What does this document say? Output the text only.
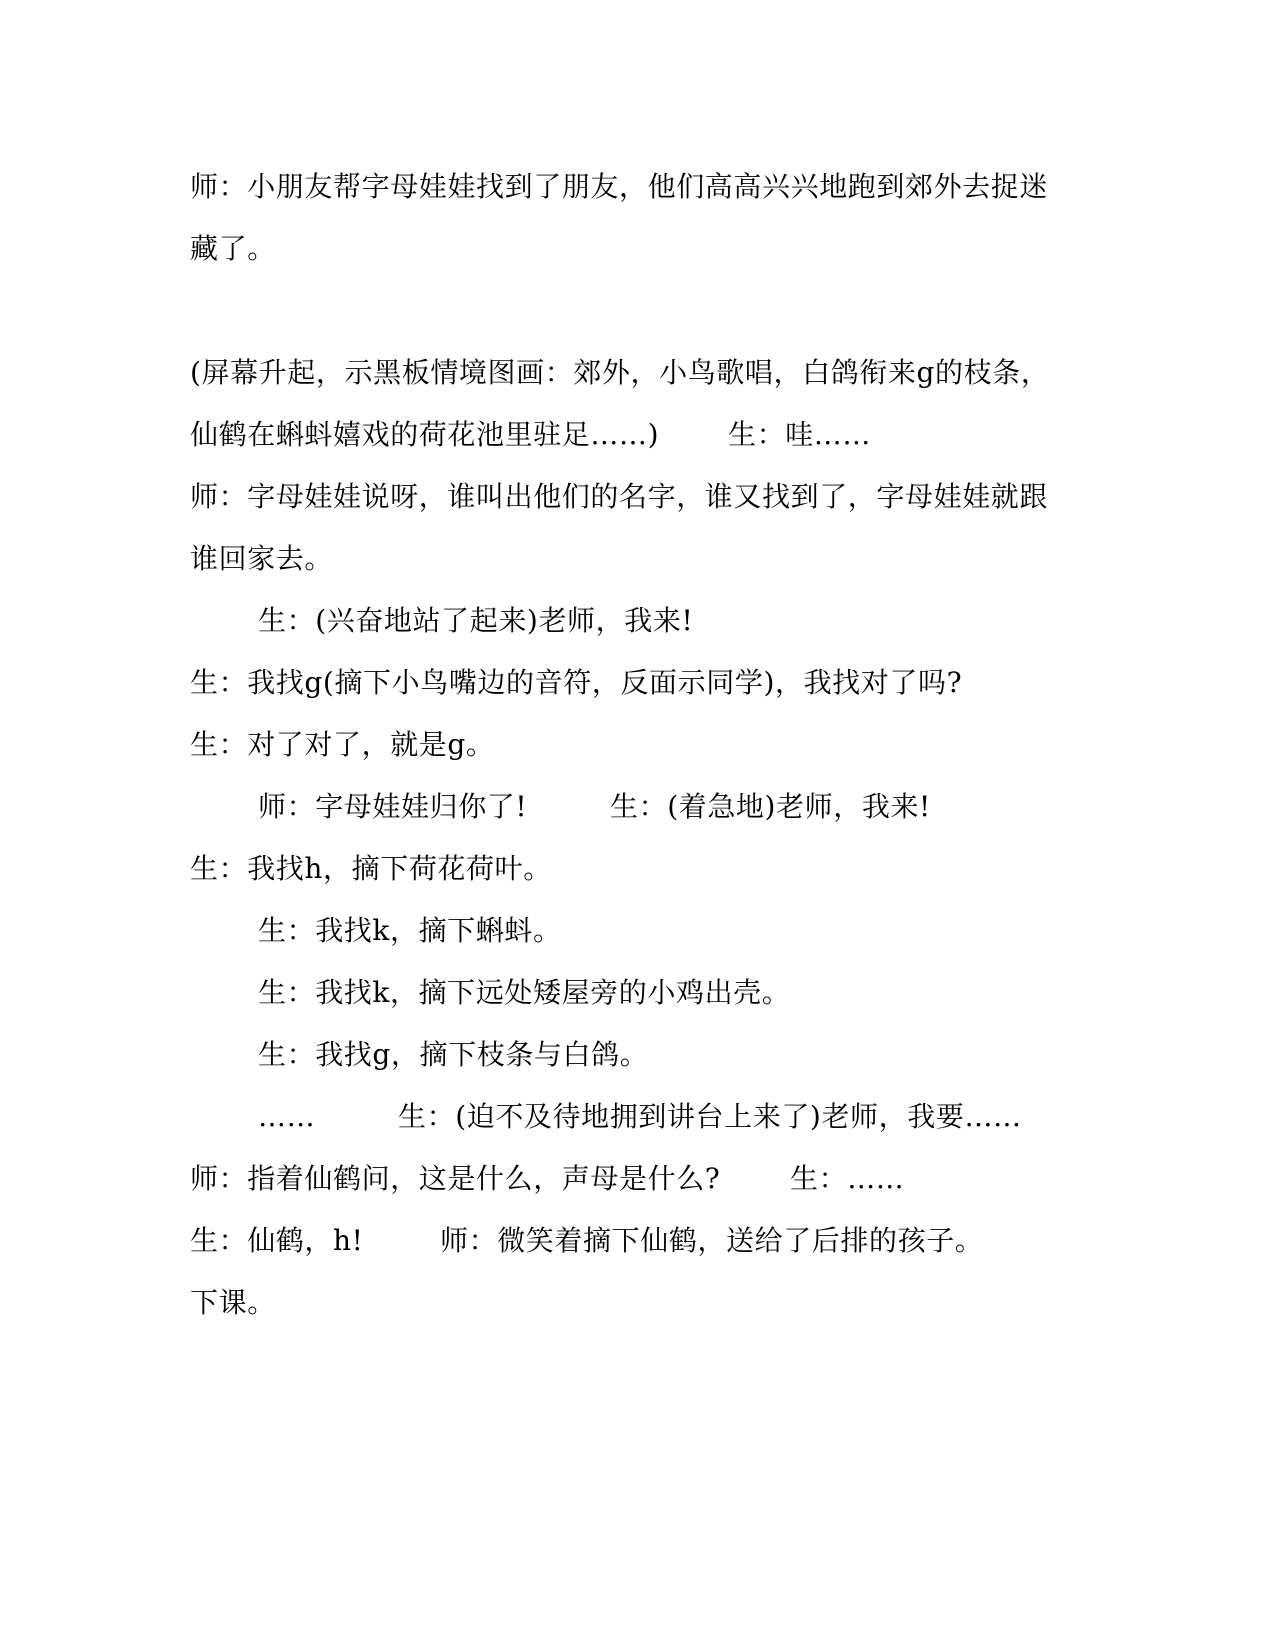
师：小朋友帮字母娃娃找到了朋友，他们高高兴兴地跑到郊外去捉迷
藏了。
(屏幕升起，示黑板情境图画：郊外，小鸟歌唱，白鸽衔来g的枝条，
仙鹤在蝌蚪嬉戏的荷花池里驻足……) 生：哇……
师：字母娃娃说呀，谁叫出他们的名字，谁又找到了，字母娃娃就跟
谁回家去。
生：(兴奋地站了起来)老师，我来!
生：我找g(摘下小鸟嘴边的音符，反面示同学)，我找对了吗?
生：对了对了，就是g。
师：字母娃娃归你了!	生：(着急地)老师，我来!
生：我找h，摘下荷花荷叶。
生：我找k，摘下蝌蚪。
生：我找k，摘下远处矮屋旁的小鸡出壳。
生：我找g，摘下枝条与白鸽。
……	生：(迫不及待地拥到讲台上来了)老师，我要……
师：指着仙鹤问，这是什么，声母是什么? 生：……
生：仙鹤，h!	师：微笑着摘下仙鹤，送给了后排的孩子。
下课。
